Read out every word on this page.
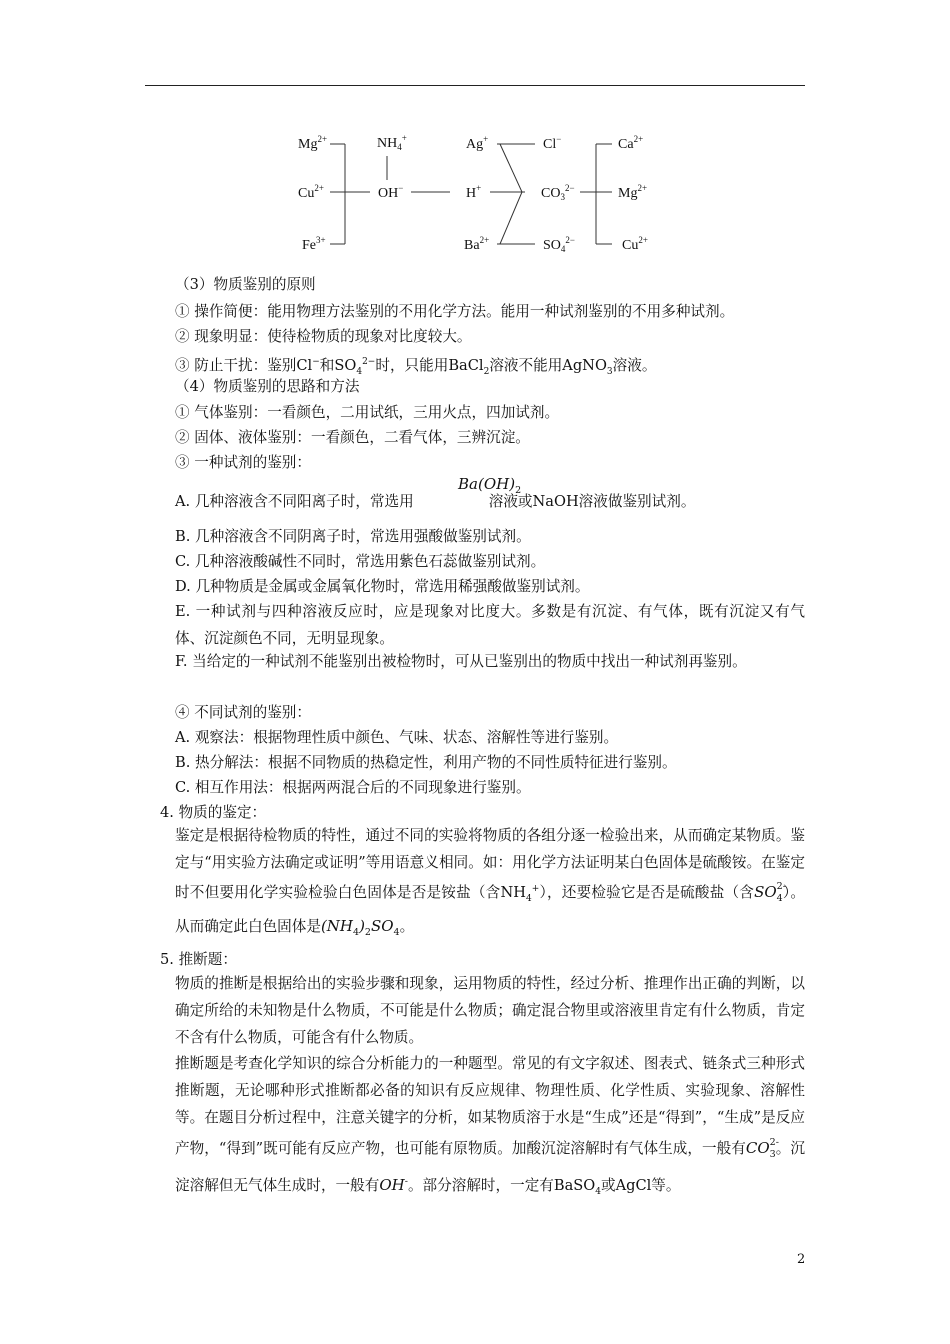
$Mg^{2+}$
$Cu^{2+}$
$Fe^{3+}$
$NH_4^+$
OH−
Ag+
H+
$Ba^{2+}$
Cl−
$CO_3^{2-}$
$SO_4^{2-}$
$Ca^{2+}$
$Mg^{2+}$
$Cu^{2+}$
（3）物质鉴别的原则
① 操作简便：能用物理方法鉴别的不用化学方法。能用一种试剂鉴别的不用多种试剂。
② 现象明显：使待检物质的现象对比度较大。
③ 防止干扰：鉴别Cl−和$SO_4^{2-}$时，只能用BaCl$_2$溶液不能用AgNO$_3$溶液。
（4）物质鉴别的思路和方法
① 气体鉴别：一看颜色，二用试纸，三用火点，四加试剂。
② 固体、液体鉴别：一看颜色，二看气体，三辨沉淀。
③ 一种试剂的鉴别：
$Ba(OH)_2$
A. 几种溶液含不同阳离子时，常选用	溶液或NaOH溶液做鉴别试剂。
B. 几种溶液含不同阴离子时，常选用强酸做鉴别试剂。
C. 几种溶液酸碱性不同时，常选用紫色石蕊做鉴别试剂。
D. 几种物质是金属或金属氧化物时，常选用稀强酸做鉴别试剂。
E. 一种试剂与四种溶液反应时，应是现象对比度大。多数是有沉淀、有气体，既有沉淀又有气体、沉淀颜色不同，无明显现象。
F. 当给定的一种试剂不能鉴别出被检物时，可从已鉴别出的物质中找出一种试剂再鉴别。
④ 不同试剂的鉴别：
A. 观察法：根据物理性质中颜色、气味、状态、溶解性等进行鉴别。
B. 热分解法：根据不同物质的热稳定性，利用产物的不同性质特征进行鉴别。
C. 相互作用法：根据两两混合后的不同现象进行鉴别。
4. 物质的鉴定：
鉴定是根据待检物质的特性，通过不同的实验将物质的各组分逐一检验出来，从而确定某物质。鉴定与“用实验方法确定或证明”等用语意义相同。如：用化学方法证明某白色固体是硫酸铵。在鉴定时不但要用化学实验检验白色固体是否是铵盐（含$NH_4^+$），还要检验它是否是硫酸盐（含$SO^{2-}_4$）。从而确定此白色固体是$(NH_4)_2SO_4$。
5. 推断题：
物质的推断是根据给出的实验步骤和现象，运用物质的特性，经过分析、推理作出正确的判断，以确定所给的未知物是什么物质，不可能是什么物质；确定混合物里或溶液里肯定有什么物质，肯定不含有什么物质，可能含有什么物质。
推断题是考查化学知识的综合分析能力的一种题型。常见的有文字叙述、图表式、链条式三种形式推断题，无论哪种形式推断都必备的知识有反应规律、物理性质、化学性质、实验现象、溶解性等。在题目分析过程中，注意关键字的分析，如某物质溶于水是“生成”还是“得到”，“生成”是反应产物，“得到”既可能有反应产物，也可能有原物质。加酸沉淀溶解时有气体生成，一般有$CO^{2-}_3$。沉淀溶解但无气体生成时，一般有OH-。部分溶解时，一定有BaSO$_4$或AgCl等。
2
